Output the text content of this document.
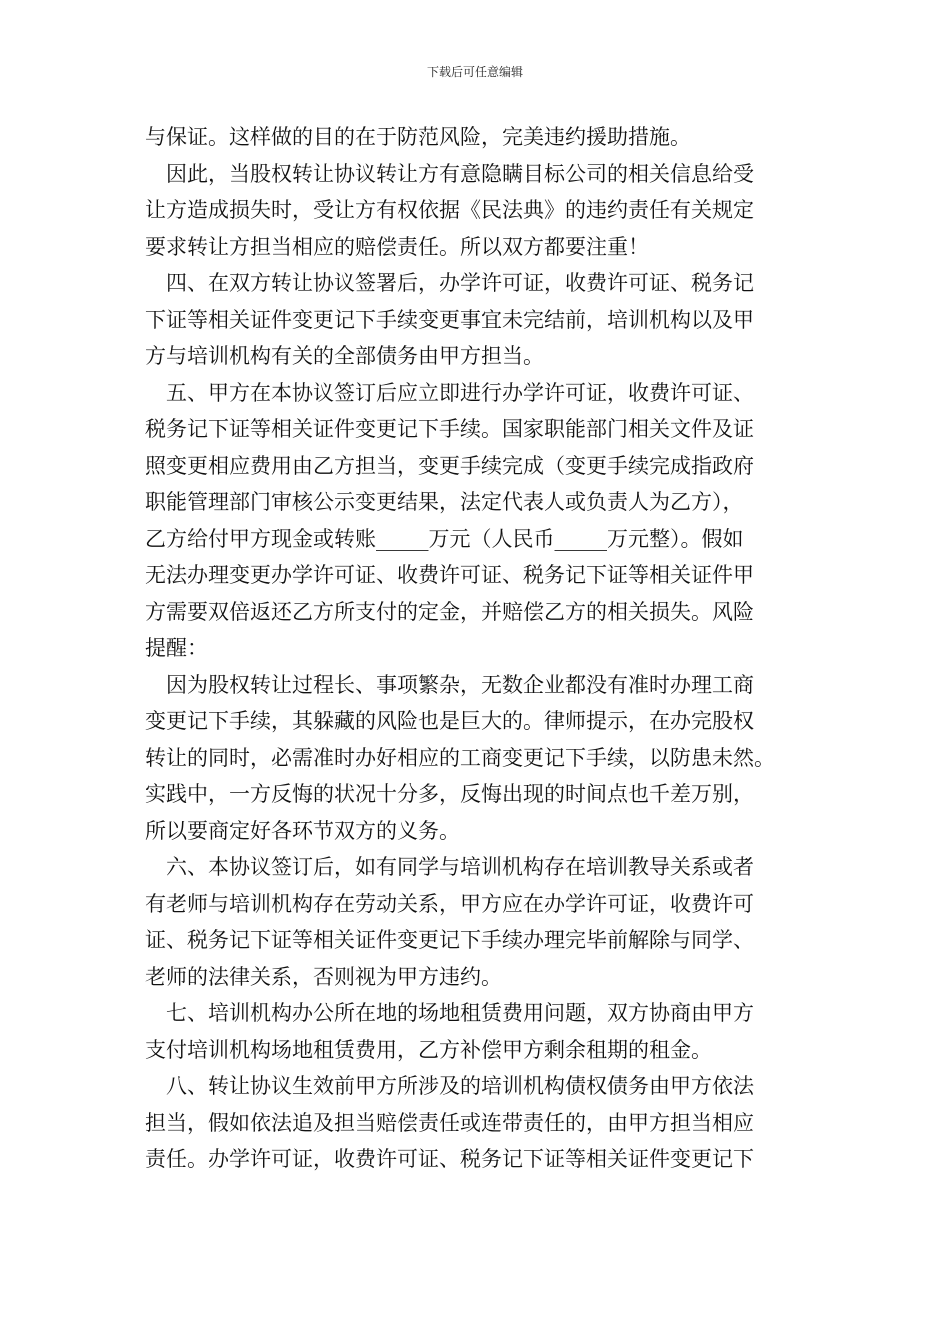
下载后可任意编辑
与保证。这样做的目的在于防范风险，完美违约援助措施。
因此，当股权转让协议转让方有意隐瞒目标公司的相关信息给受
让方造成损失时，受让方有权依据《民法典》的违约责任有关规定
要求转让方担当相应的赔偿责任。所以双方都要注重！
四、在双方转让协议签署后，办学许可证，收费许可证、税务记
下证等相关证件变更记下手续变更事宜未完结前，培训机构以及甲
方与培训机构有关的全部债务由甲方担当。
五、甲方在本协议签订后应立即进行办学许可证，收费许可证、
税务记下证等相关证件变更记下手续。国家职能部门相关文件及证
照变更相应费用由乙方担当，变更手续完成（变更手续完成指政府
职能管理部门审核公示变更结果，法定代表人或负责人为乙方），
乙方给付甲方现金或转账_____万元（人民币_____万元整）。假如
无法办理变更办学许可证、收费许可证、税务记下证等相关证件甲
方需要双倍返还乙方所支付的定金，并赔偿乙方的相关损失。风险
提醒：
因为股权转让过程长、事项繁杂，无数企业都没有准时办理工商
变更记下手续，其躲藏的风险也是巨大的。律师提示，在办完股权
转让的同时，必需准时办好相应的工商变更记下手续，以防患未然。
实践中，一方反悔的状况十分多，反悔出现的时间点也千差万别，
所以要商定好各环节双方的义务。
六、本协议签订后，如有同学与培训机构存在培训教导关系或者
有老师与培训机构存在劳动关系，甲方应在办学许可证，收费许可
证、税务记下证等相关证件变更记下手续办理完毕前解除与同学、
老师的法律关系，否则视为甲方违约。
七、培训机构办公所在地的场地租赁费用问题，双方协商由甲方
支付培训机构场地租赁费用，乙方补偿甲方剩余租期的租金。
八、转让协议生效前甲方所涉及的培训机构债权债务由甲方依法
担当，假如依法追及担当赔偿责任或连带责任的，由甲方担当相应
责任。办学许可证，收费许可证、税务记下证等相关证件变更记下
